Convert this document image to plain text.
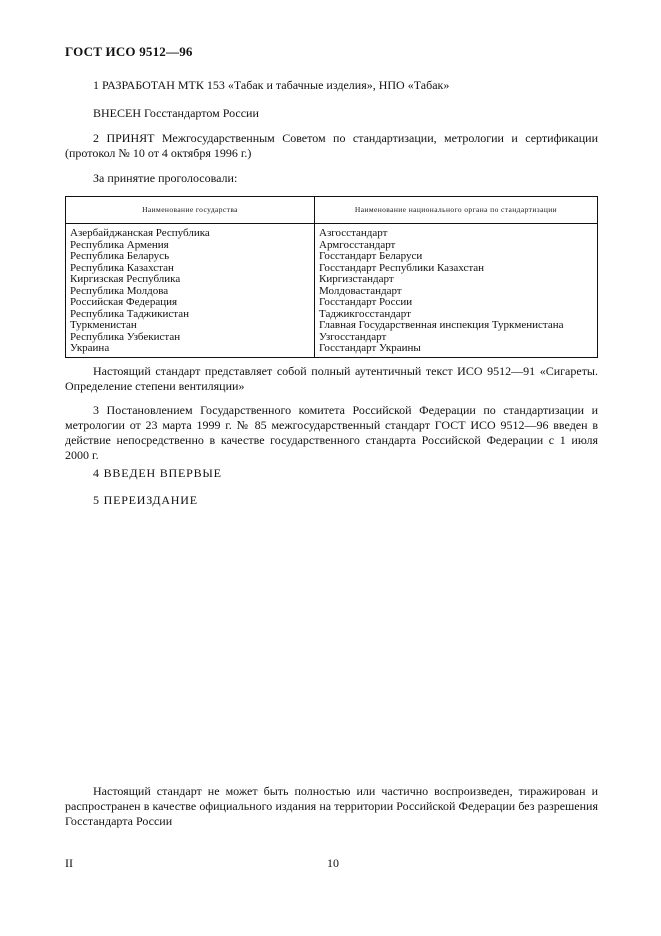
ГОСТ ИСО 9512—96
1 РАЗРАБОТАН МТК 153 «Табак и табачные изделия», НПО «Табак»
ВНЕСЕН Госстандартом России
2 ПРИНЯТ Межгосударственным Советом по стандартизации, метрологии и сертификации (протокол № 10 от 4 октября 1996 г.)
За принятие проголосовали:
Наименование государства	Наименование национального органа по стандартизации
Азербайджанская Республика	Азгосстандарт
Республика Армения	Армгосстандарт
Республика Беларусь	Госстандарт Беларуси
Республика Казахстан	Госстандарт Республики Казахстан
Киргизская Республика	Киргизстандарт
Республика Молдова	Молдовастандарт
Российская Федерация	Госстандарт России
Республика Таджикистан	Таджикгосстандарт
Туркменистан	Главная Государственная инспекция Туркменистана
Республика Узбекистан	Узгосстандарт
Украина	Госстандарт Украины
Настоящий стандарт представляет собой полный аутентичный текст ИСО 9512—91 «Сигареты. Определение степени вентиляции»
3 Постановлением Государственного комитета Российской Федерации по стандартизации и метрологии от 23 марта 1999 г. № 85 межгосударственный стандарт ГОСТ ИСО 9512—96 введен в действие непосредственно в качестве государственного стандарта Российской Федерации с 1 июля 2000 г.
4 ВВЕДЕН ВПЕРВЫЕ
5 ПЕРЕИЗДАНИЕ
Настоящий стандарт не может быть полностью или частично воспроизведен, тиражирован и распространен в качестве официального издания на территории Российской Федерации без разрешения Госстандарта России
II	10
